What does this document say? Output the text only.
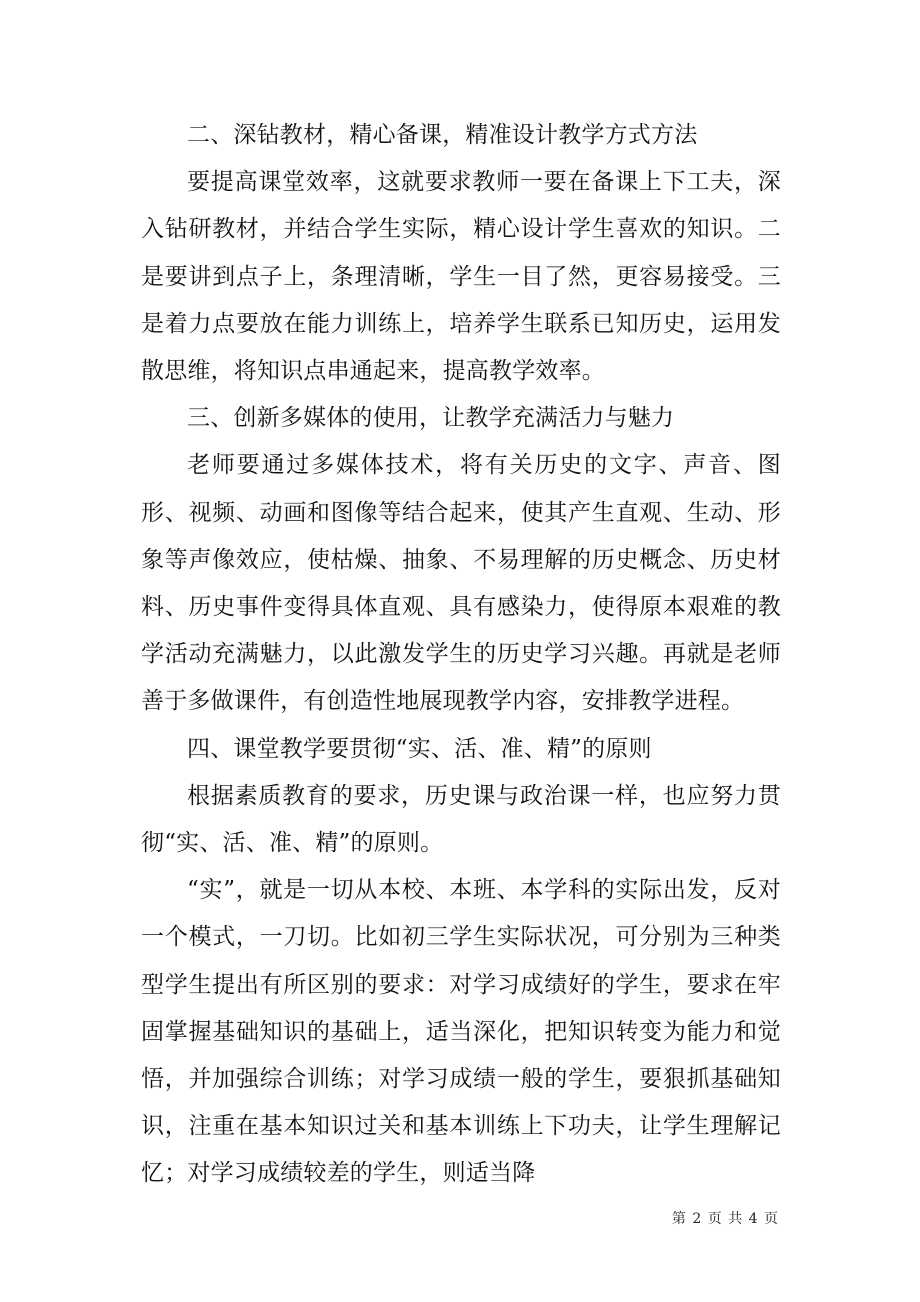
二、深钻教材，精心备课，精准设计教学方式方法

要提高课堂效率，这就要求教师一要在备课上下工夫，深入钻研教材，并结合学生实际，精心设计学生喜欢的知识。二是要讲到点子上，条理清晰，学生一目了然，更容易接受。三是着力点要放在能力训练上，培养学生联系已知历史，运用发散思维，将知识点串通起来，提高教学效率。

三、创新多媒体的使用，让教学充满活力与魅力

老师要通过多媒体技术，将有关历史的文字、声音、图形、视频、动画和图像等结合起来，使其产生直观、生动、形象等声像效应，使枯燥、抽象、不易理解的历史概念、历史材料、历史事件变得具体直观、具有感染力，使得原本艰难的教学活动充满魅力，以此激发学生的历史学习兴趣。再就是老师善于多做课件，有创造性地展现教学内容，安排教学进程。

四、课堂教学要贯彻“实、活、准、精”的原则

根据素质教育的要求，历史课与政治课一样，也应努力贯彻“实、活、准、精”的原则。

“实”，就是一切从本校、本班、本学科的实际出发，反对一个模式，一刀切。比如初三学生实际状况，可分别为三种类型学生提出有所区别的要求：对学习成绩好的学生，要求在牢固掌握基础知识的基础上，适当深化，把知识转变为能力和觉悟，并加强综合训练；对学习成绩一般的学生，要狠抓基础知识，注重在基本知识过关和基本训练上下功夫，让学生理解记忆；对学习成绩较差的学生，则适当降

第 2 页 共 4 页
